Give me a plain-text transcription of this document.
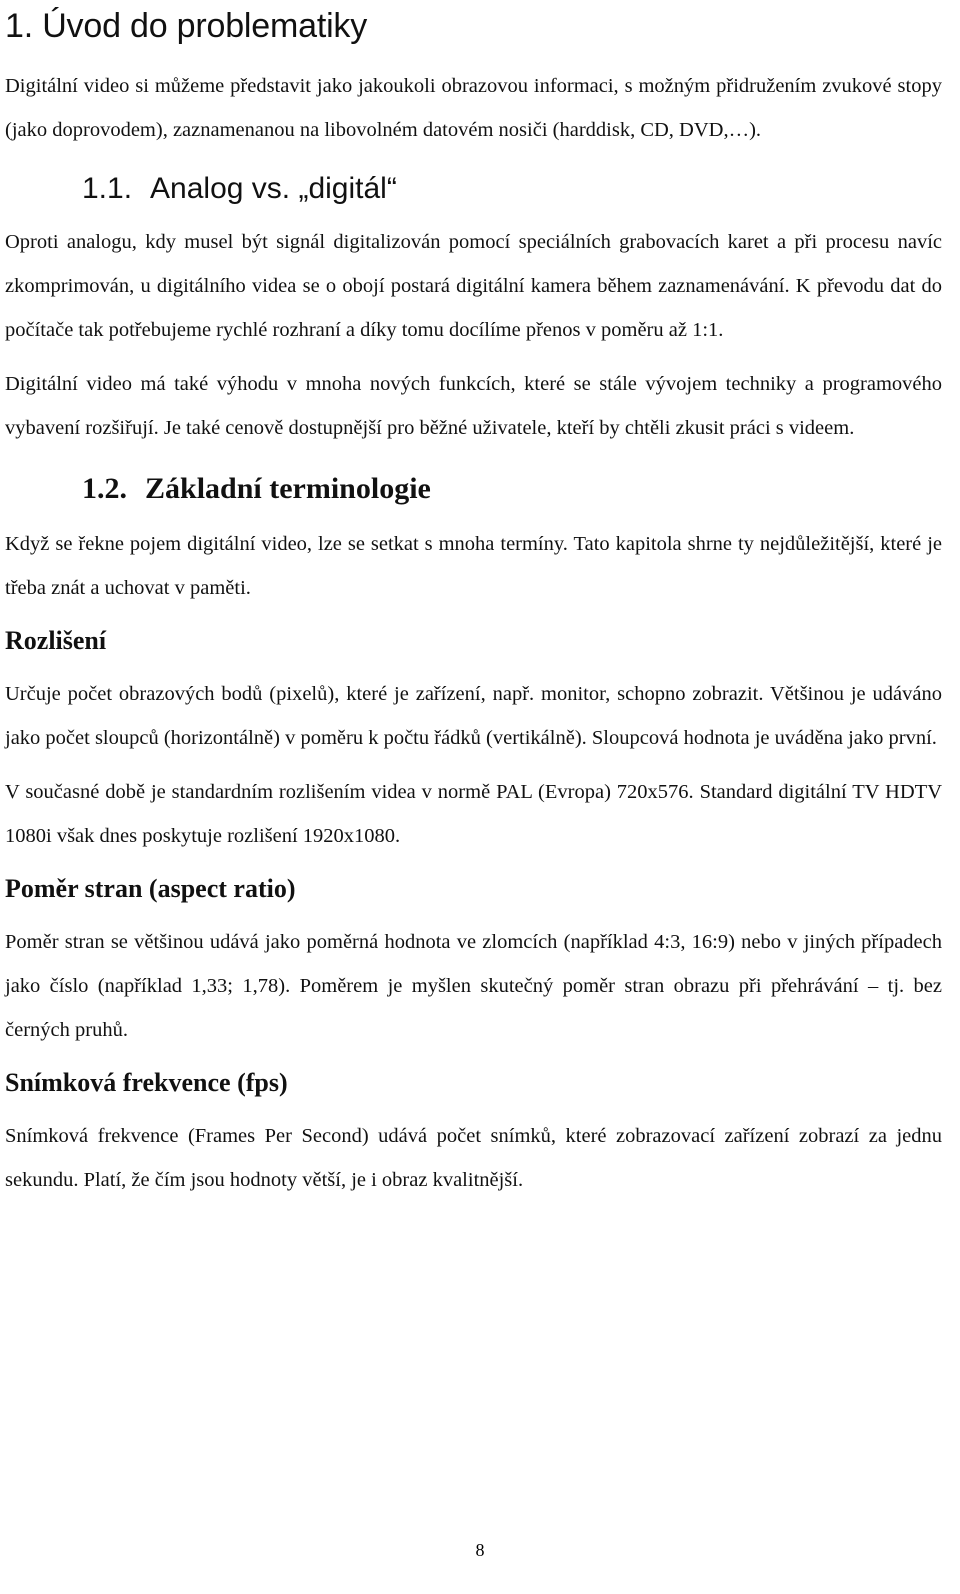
1. Úvod do problematiky

Digitální video si můžeme představit jako jakoukoli obrazovou informaci, s možným přidružením zvukové stopy (jako doprovodem), zaznamenanou na libovolném datovém nosiči (harddisk, CD, DVD,…).

1.1. Analog vs. „digitál“

Oproti analogu, kdy musel být signál digitalizován pomocí speciálních grabovacích karet a při procesu navíc zkomprimován, u digitálního videa se o obojí postará digitální kamera během zaznamenávání. K převodu dat do počítače tak potřebujeme rychlé rozhraní a díky tomu docílíme přenos v poměru až 1:1.

Digitální video má také výhodu v mnoha nových funkcích, které se stále vývojem techniky a programového vybavení rozšiřují. Je také cenově dostupnější pro běžné uživatele, kteří by chtěli zkusit práci s videem.

1.2. Základní terminologie

Když se řekne pojem digitální video, lze se setkat s mnoha termíny. Tato kapitola shrne ty nejdůležitější, které je třeba znát a uchovat v paměti.

Rozlišení

Určuje počet obrazových bodů (pixelů), které je zařízení, např. monitor, schopno zobrazit. Většinou je udáváno jako počet sloupců (horizontálně) v poměru k počtu řádků (vertikálně). Sloupcová hodnota je uváděna jako první.

V současné době je standardním rozlišením videa v normě PAL (Evropa) 720x576. Standard digitální TV HDTV 1080i však dnes poskytuje rozlišení 1920x1080.

Poměr stran (aspect ratio)

Poměr stran se většinou udává jako poměrná hodnota ve zlomcích (například 4:3, 16:9) nebo v jiných případech jako číslo (například 1,33; 1,78). Poměrem je myšlen skutečný poměr stran obrazu při přehrávání – tj. bez černých pruhů.

Snímková frekvence (fps)

Snímková frekvence (Frames Per Second) udává počet snímků, které zobrazovací zařízení zobrazí za jednu sekundu. Platí, že čím jsou hodnoty větší, je i obraz kvalitnější.

8
